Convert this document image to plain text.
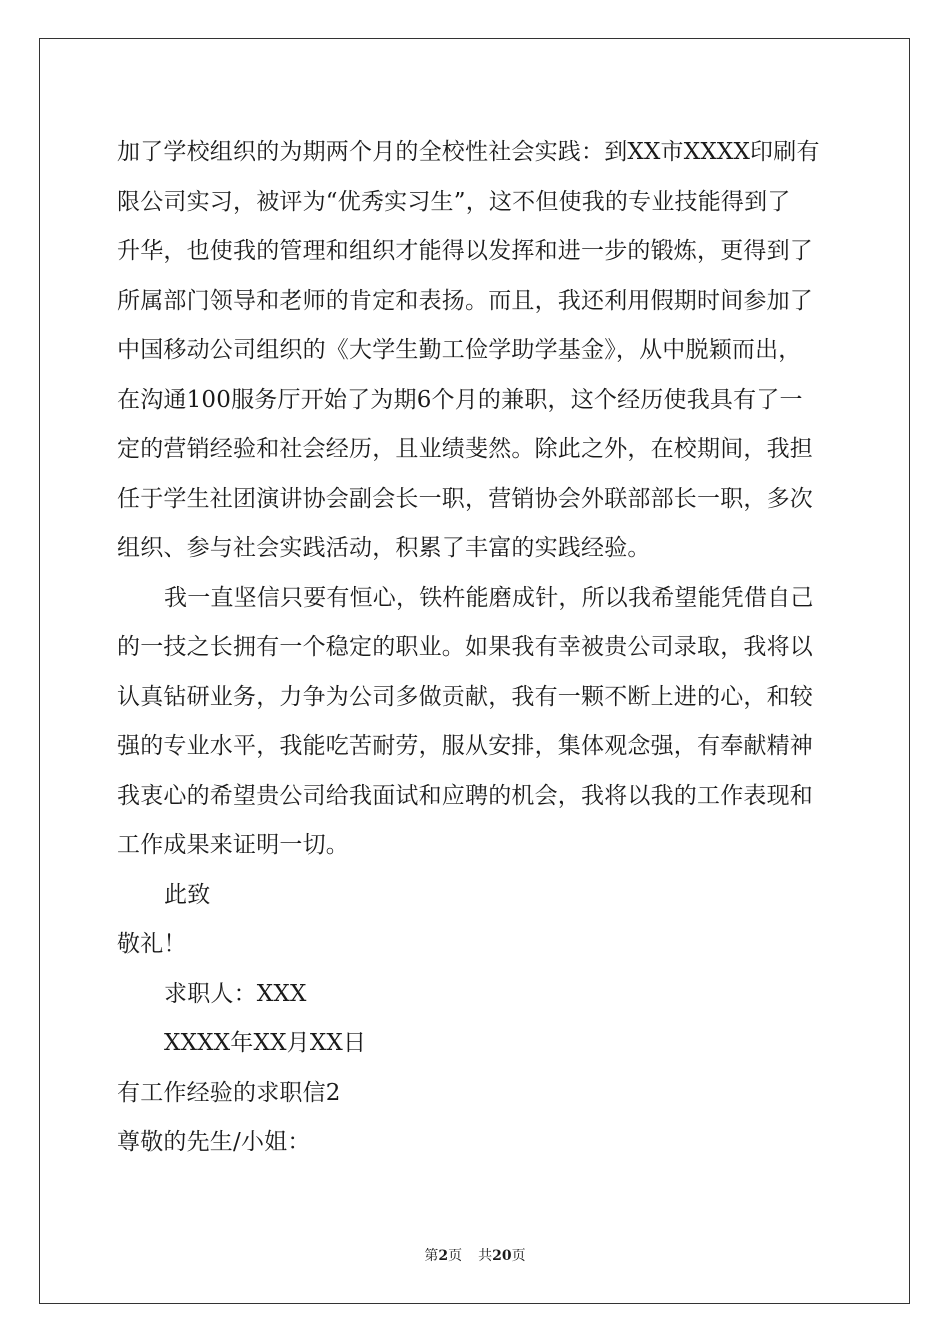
加了学校组织的为期两个月的全校性社会实践：到XX市XXXX印刷有
限公司实习，被评为“优秀实习生”，这不但使我的专业技能得到了
升华，也使我的管理和组织才能得以发挥和进一步的锻炼，更得到了
所属部门领导和老师的肯定和表扬。而且，我还利用假期时间参加了
中国移动公司组织的《大学生勤工俭学助学基金》，从中脱颖而出，
在沟通100服务厅开始了为期6个月的兼职，这个经历使我具有了一
定的营销经验和社会经历，且业绩斐然。除此之外，在校期间，我担
任于学生社团演讲协会副会长一职，营销协会外联部部长一职，多次
组织、参与社会实践活动，积累了丰富的实践经验。
我一直坚信只要有恒心，铁杵能磨成针，所以我希望能凭借自己
的一技之长拥有一个稳定的职业。如果我有幸被贵公司录取，我将以
认真钻研业务，力争为公司多做贡献，我有一颗不断上进的心，和较
强的专业水平，我能吃苦耐劳，服从安排，集体观念强，有奉献精神
我衷心的希望贵公司给我面试和应聘的机会，我将以我的工作表现和
工作成果来证明一切。
此致
敬礼！
求职人：XXX
XXXX年XX月XX日
有工作经验的求职信2
尊敬的先生/小姐：
第2页 共20页
